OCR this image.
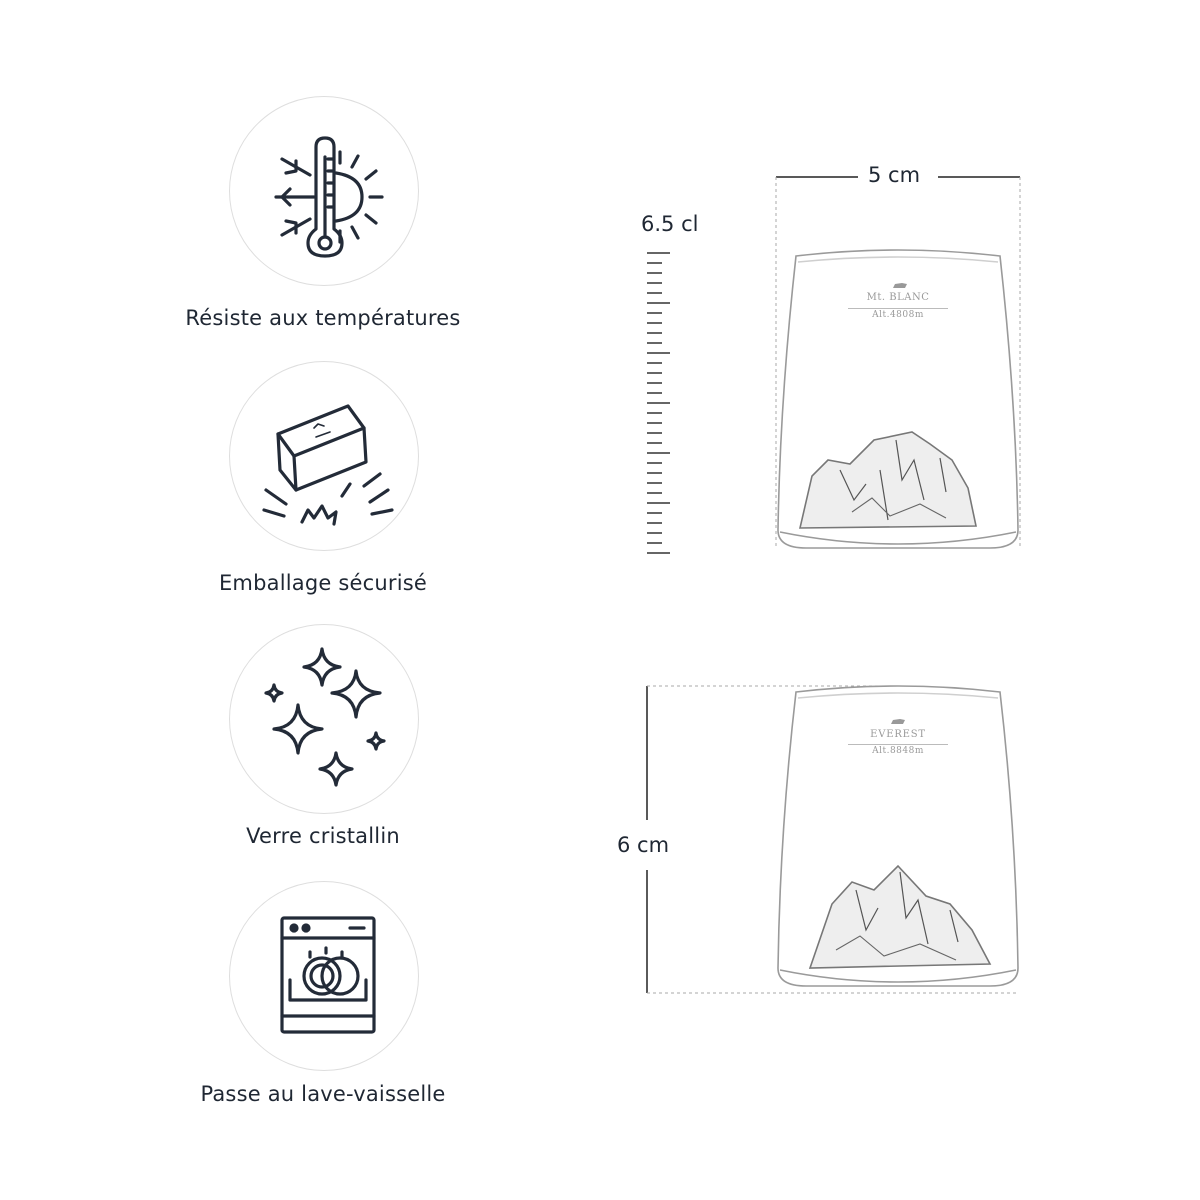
Résiste aux températures
Emballage sécurisé
Verre cristallin
Passe au lave-vaisselle
5 cm
6.5 cl
6 cm
Mt. BLANC
Alt.4808m
EVEREST
Alt.8848m
